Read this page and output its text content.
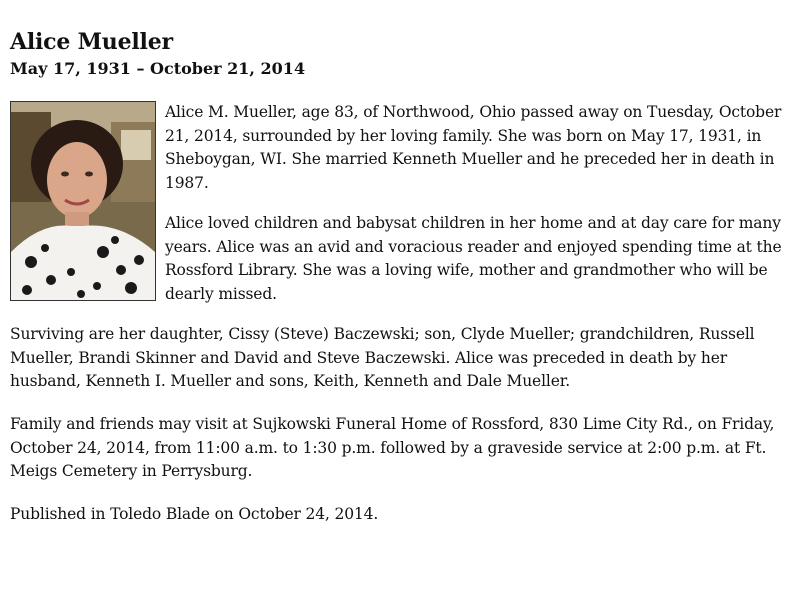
Alice Mueller
May 17, 1931 – October 21, 2014

Alice M. Mueller, age 83, of Northwood, Ohio passed away on Tuesday, October 21, 2014, surrounded by her loving family. She was born on May 17, 1931, in Sheboygan, WI. She married Kenneth Mueller and he preceded her in death in 1987.

Alice loved children and babysat children in her home and at day care for many years. Alice was an avid and voracious reader and enjoyed spending time at the Rossford Library. She was a loving wife, mother and grandmother who will be dearly missed.

Surviving are her daughter, Cissy (Steve) Baczewski; son, Clyde Mueller; grandchildren, Russell Mueller, Brandi Skinner and David and Steve Baczewski. Alice was preceded in death by her husband, Kenneth I. Mueller and sons, Keith, Kenneth and Dale Mueller.

Family and friends may visit at Sujkowski Funeral Home of Rossford, 830 Lime City Rd., on Friday, October 24, 2014, from 11:00 a.m. to 1:30 p.m. followed by a graveside service at 2:00 p.m. at Ft. Meigs Cemetery in Perrysburg.

Published in Toledo Blade on October 24, 2014.
